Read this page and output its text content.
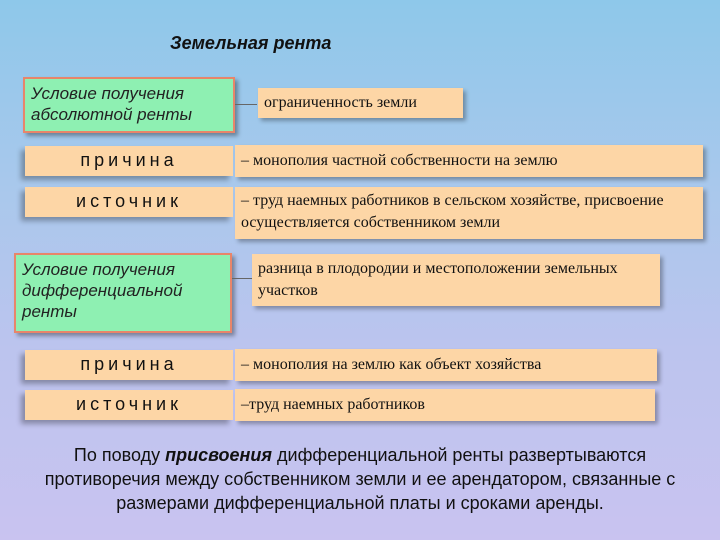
Земельная рента
Условие получения абсолютной ренты
ограниченность земли
причина	– монополия частной собственности на землю
источник	– труд наемных работников в сельском хозяйстве, присвоение осуществляется собственником земли
Условие получения дифференциальной ренты
разница в плодородии и местоположении земельных участков
причина	– монополия на землю как объект хозяйства
источник	–труд наемных работников
По поводу присвоения дифференциальной ренты развертываются противоречия между собственником земли и ее арендатором, связанные с размерами дифференциальной платы и сроками аренды.
